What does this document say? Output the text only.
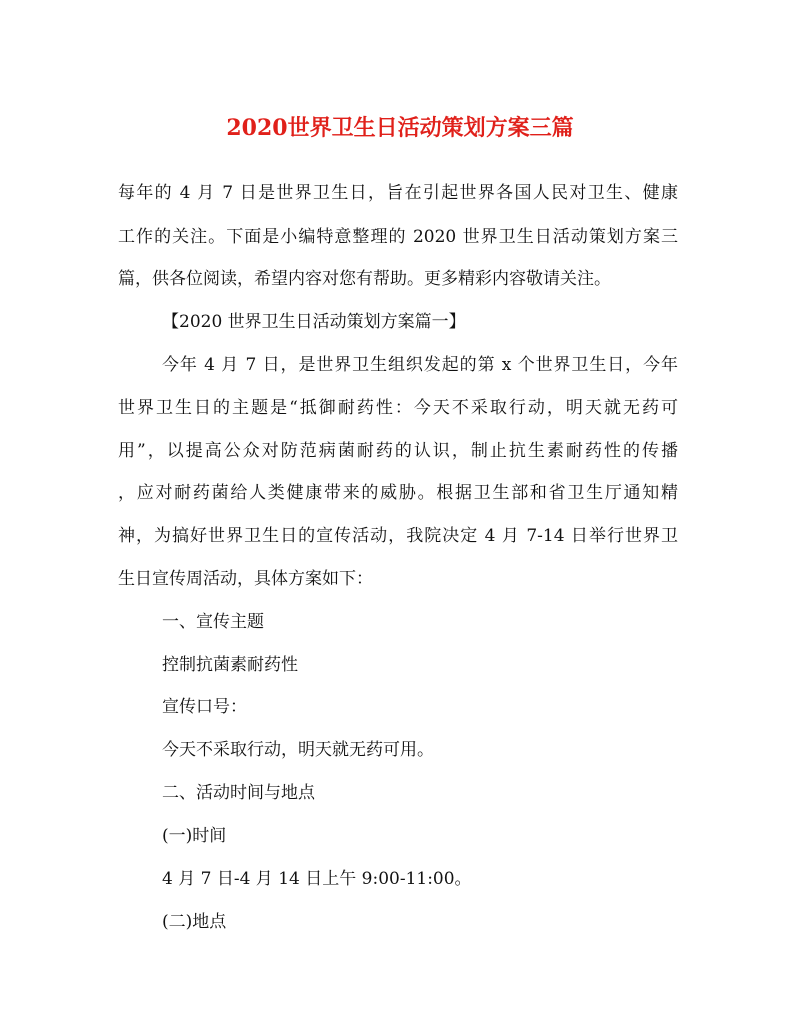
2020世界卫生日活动策划方案三篇
每年的 4 月 7 日是世界卫生日，旨在引起世界各国人民对卫生、健康
工作的关注。下面是小编特意整理的 2020 世界卫生日活动策划方案三
篇，供各位阅读，希望内容对您有帮助。更多精彩内容敬请关注。
【2020 世界卫生日活动策划方案篇一】
今年 4 月 7 日，是世界卫生组织发起的第 x 个世界卫生日，今年
世界卫生日的主题是“抵御耐药性：今天不采取行动，明天就无药可
用”，以提高公众对防范病菌耐药的认识，制止抗生素耐药性的传播
，应对耐药菌给人类健康带来的威胁。根据卫生部和省卫生厅通知精
神，为搞好世界卫生日的宣传活动，我院决定 4 月 7-14 日举行世界卫
生日宣传周活动，具体方案如下：
一、宣传主题
控制抗菌素耐药性
宣传口号：
今天不采取行动，明天就无药可用。
二、活动时间与地点
(一)时间
4 月 7 日-4 月 14 日上午 9:00-11:00。
(二)地点
